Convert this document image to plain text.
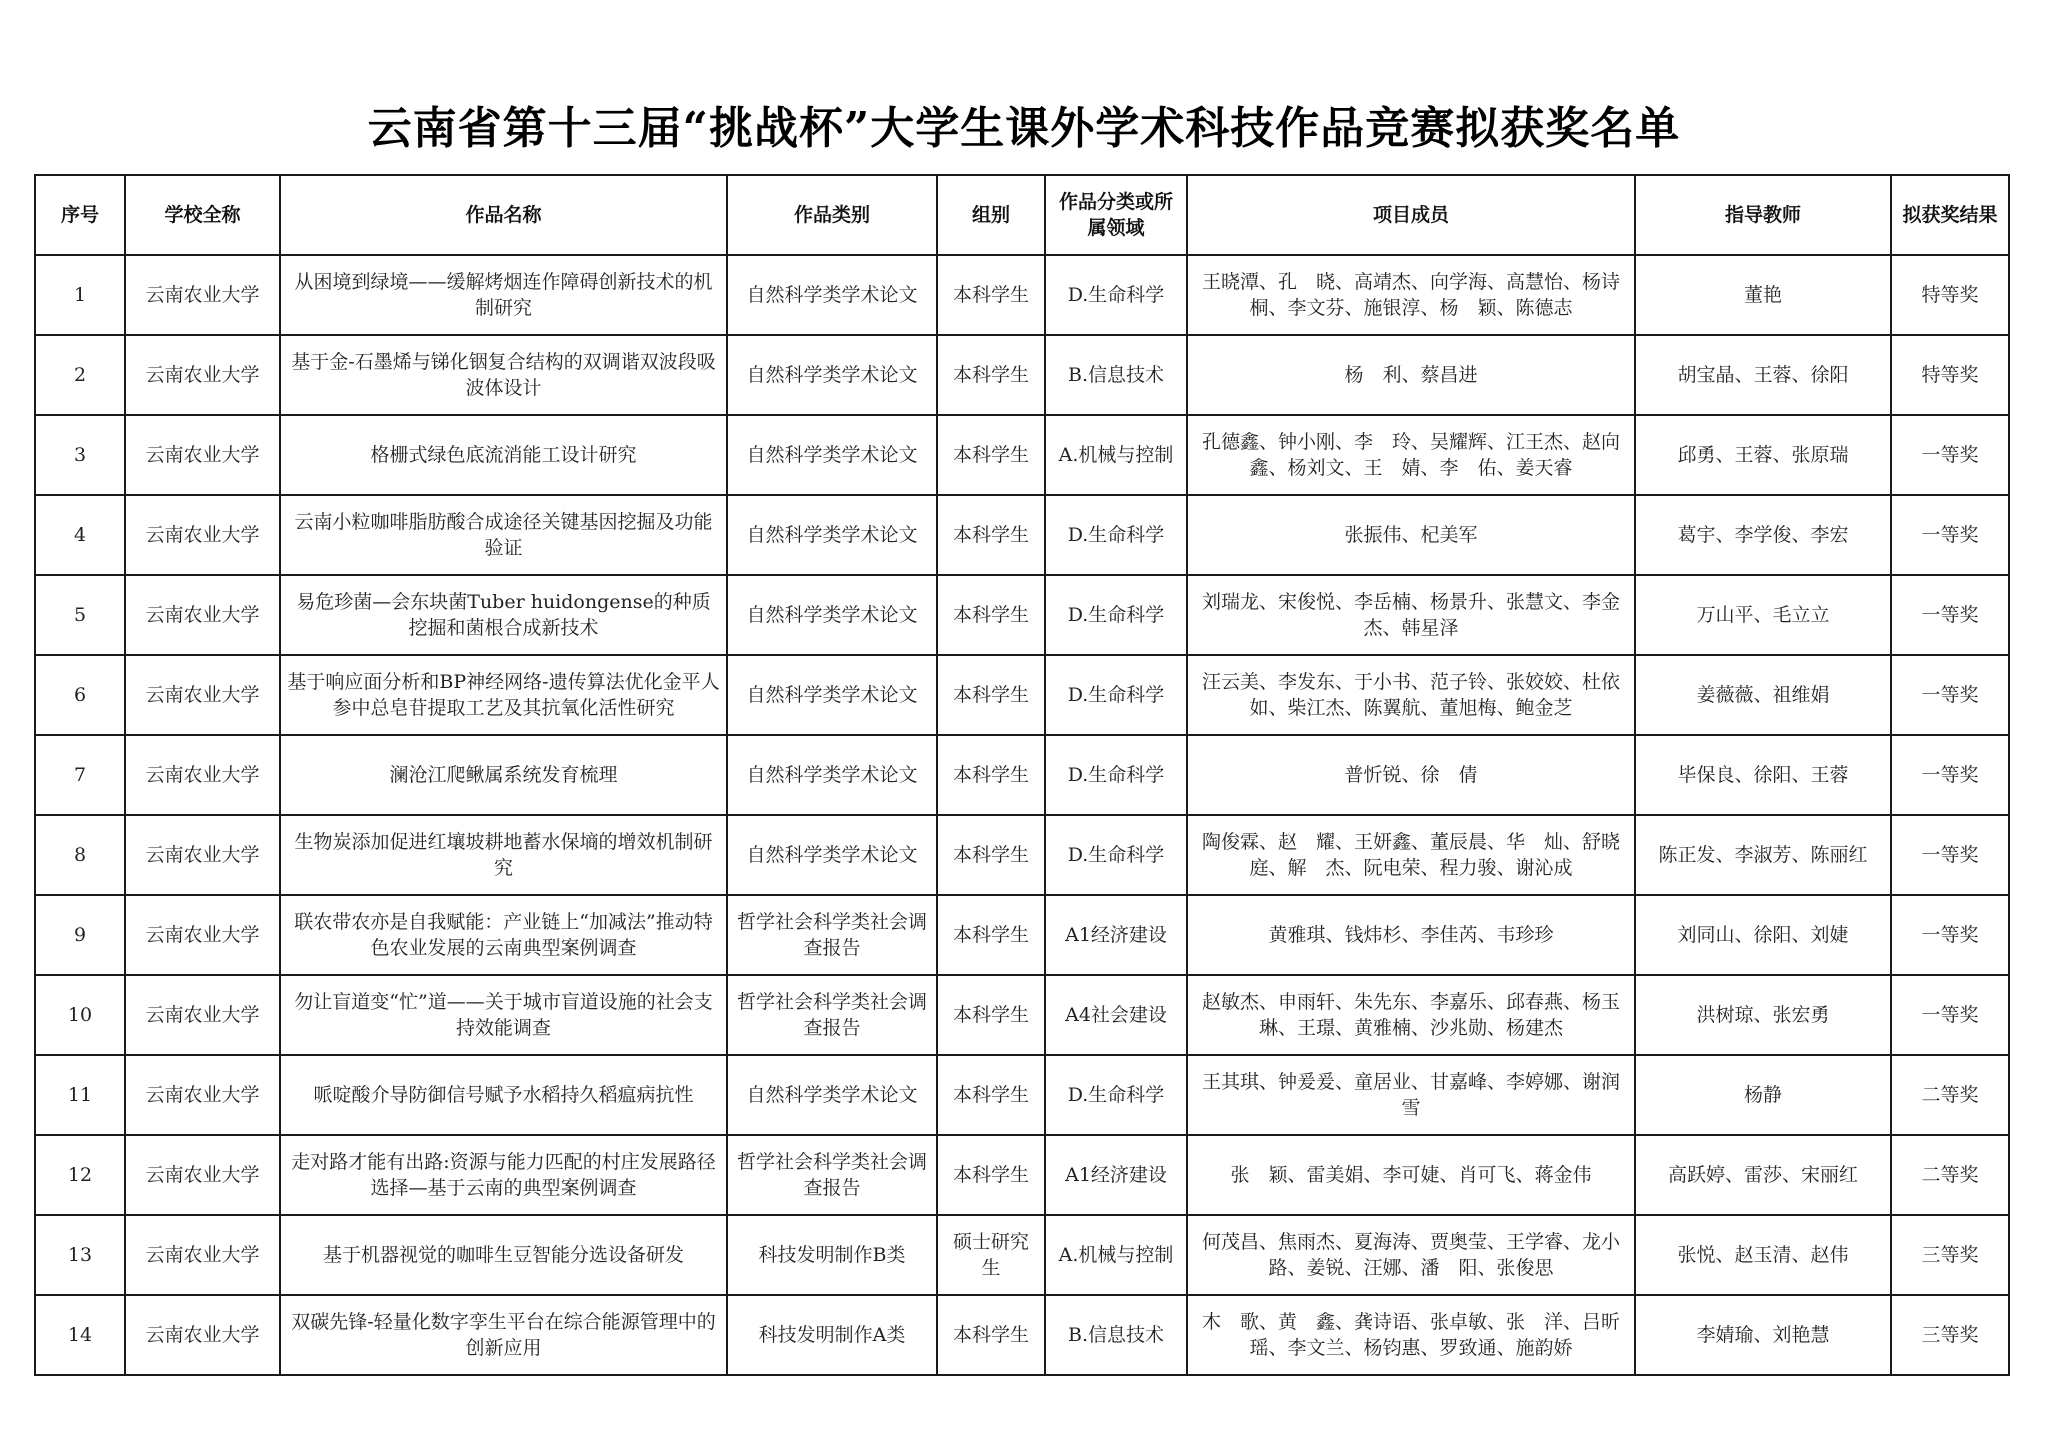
云南省第十三届“挑战杯”大学生课外学术科技作品竞赛拟获奖名单
序号	学校全称	作品名称	作品类别	组别	作品分类或所属领域	项目成员	指导教师	拟获奖结果
1	云南农业大学	从困境到绿境——缓解烤烟连作障碍创新技术的机制研究	自然科学类学术论文	本科学生	D.生命科学	王晓潭、孔　晓、高靖杰、向学海、高慧怡、杨诗桐、李文芬、施银淳、杨　颖、陈德志	董艳	特等奖
2	云南农业大学	基于金-石墨烯与锑化铟复合结构的双调谐双波段吸波体设计	自然科学类学术论文	本科学生	B.信息技术	杨　利、蔡昌进	胡宝晶、王蓉、徐阳	特等奖
3	云南农业大学	格栅式绿色底流消能工设计研究	自然科学类学术论文	本科学生	A.机械与控制	孔德鑫、钟小刚、李　玲、吴耀辉、江王杰、赵向鑫、杨刘文、王　婧、李　佑、姜天睿	邱勇、王蓉、张原瑞	一等奖
4	云南农业大学	云南小粒咖啡脂肪酸合成途径关键基因挖掘及功能验证	自然科学类学术论文	本科学生	D.生命科学	张振伟、杞美军	葛宇、李学俊、李宏	一等奖
5	云南农业大学	易危珍菌—会东块菌Tuber huidongense的种质挖掘和菌根合成新技术	自然科学类学术论文	本科学生	D.生命科学	刘瑞龙、宋俊悦、李岳楠、杨景升、张慧文、李金杰、韩星泽	万山平、毛立立	一等奖
6	云南农业大学	基于响应面分析和BP神经网络-遗传算法优化金平人参中总皂苷提取工艺及其抗氧化活性研究	自然科学类学术论文	本科学生	D.生命科学	汪云美、李发东、于小书、范子铃、张姣姣、杜依如、柴江杰、陈翼航、董旭梅、鲍金芝	姜薇薇、祖维娟	一等奖
7	云南农业大学	澜沧江爬鳅属系统发育梳理	自然科学类学术论文	本科学生	D.生命科学	普忻锐、徐　倩	毕保良、徐阳、王蓉	一等奖
8	云南农业大学	生物炭添加促进红壤坡耕地蓄水保墒的增效机制研究	自然科学类学术论文	本科学生	D.生命科学	陶俊霖、赵　耀、王妍鑫、董辰晨、华　灿、舒晓庭、解　杰、阮电荣、程力骏、谢沁成	陈正发、李淑芳、陈丽红	一等奖
9	云南农业大学	联农带农亦是自我赋能：产业链上“加减法”推动特色农业发展的云南典型案例调查	哲学社会科学类社会调查报告	本科学生	A1经济建设	黄雅琪、钱炜杉、李佳芮、韦珍珍	刘同山、徐阳、刘婕	一等奖
10	云南农业大学	勿让盲道变“忙”道——关于城市盲道设施的社会支持效能调查	哲学社会科学类社会调查报告	本科学生	A4社会建设	赵敏杰、申雨轩、朱先东、李嘉乐、邱春燕、杨玉琳、王璟、黄雅楠、沙兆勋、杨建杰	洪树琼、张宏勇	一等奖
11	云南农业大学	哌啶酸介导防御信号赋予水稻持久稻瘟病抗性	自然科学类学术论文	本科学生	D.生命科学	王其琪、钟爰爰、童居业、甘嘉峰、李婷娜、谢润雪	杨静	二等奖
12	云南农业大学	走对路才能有出路:资源与能力匹配的村庄发展路径选择—基于云南的典型案例调查	哲学社会科学类社会调查报告	本科学生	A1经济建设	张　颖、雷美娟、李可婕、肖可飞、蒋金伟	高跃婷、雷莎、宋丽红	二等奖
13	云南农业大学	基于机器视觉的咖啡生豆智能分选设备研发	科技发明制作B类	硕士研究生	A.机械与控制	何茂昌、焦雨杰、夏海涛、贾奥莹、王学睿、龙小路、姜锐、汪娜、潘　阳、张俊思	张悦、赵玉清、赵伟	三等奖
14	云南农业大学	双碳先锋-轻量化数字孪生平台在综合能源管理中的创新应用	科技发明制作A类	本科学生	B.信息技术	木　歌、黄　鑫、龚诗语、张卓敏、张　洋、吕昕瑶、李文兰、杨钧惠、罗致通、施韵娇	李婧瑜、刘艳慧	三等奖
